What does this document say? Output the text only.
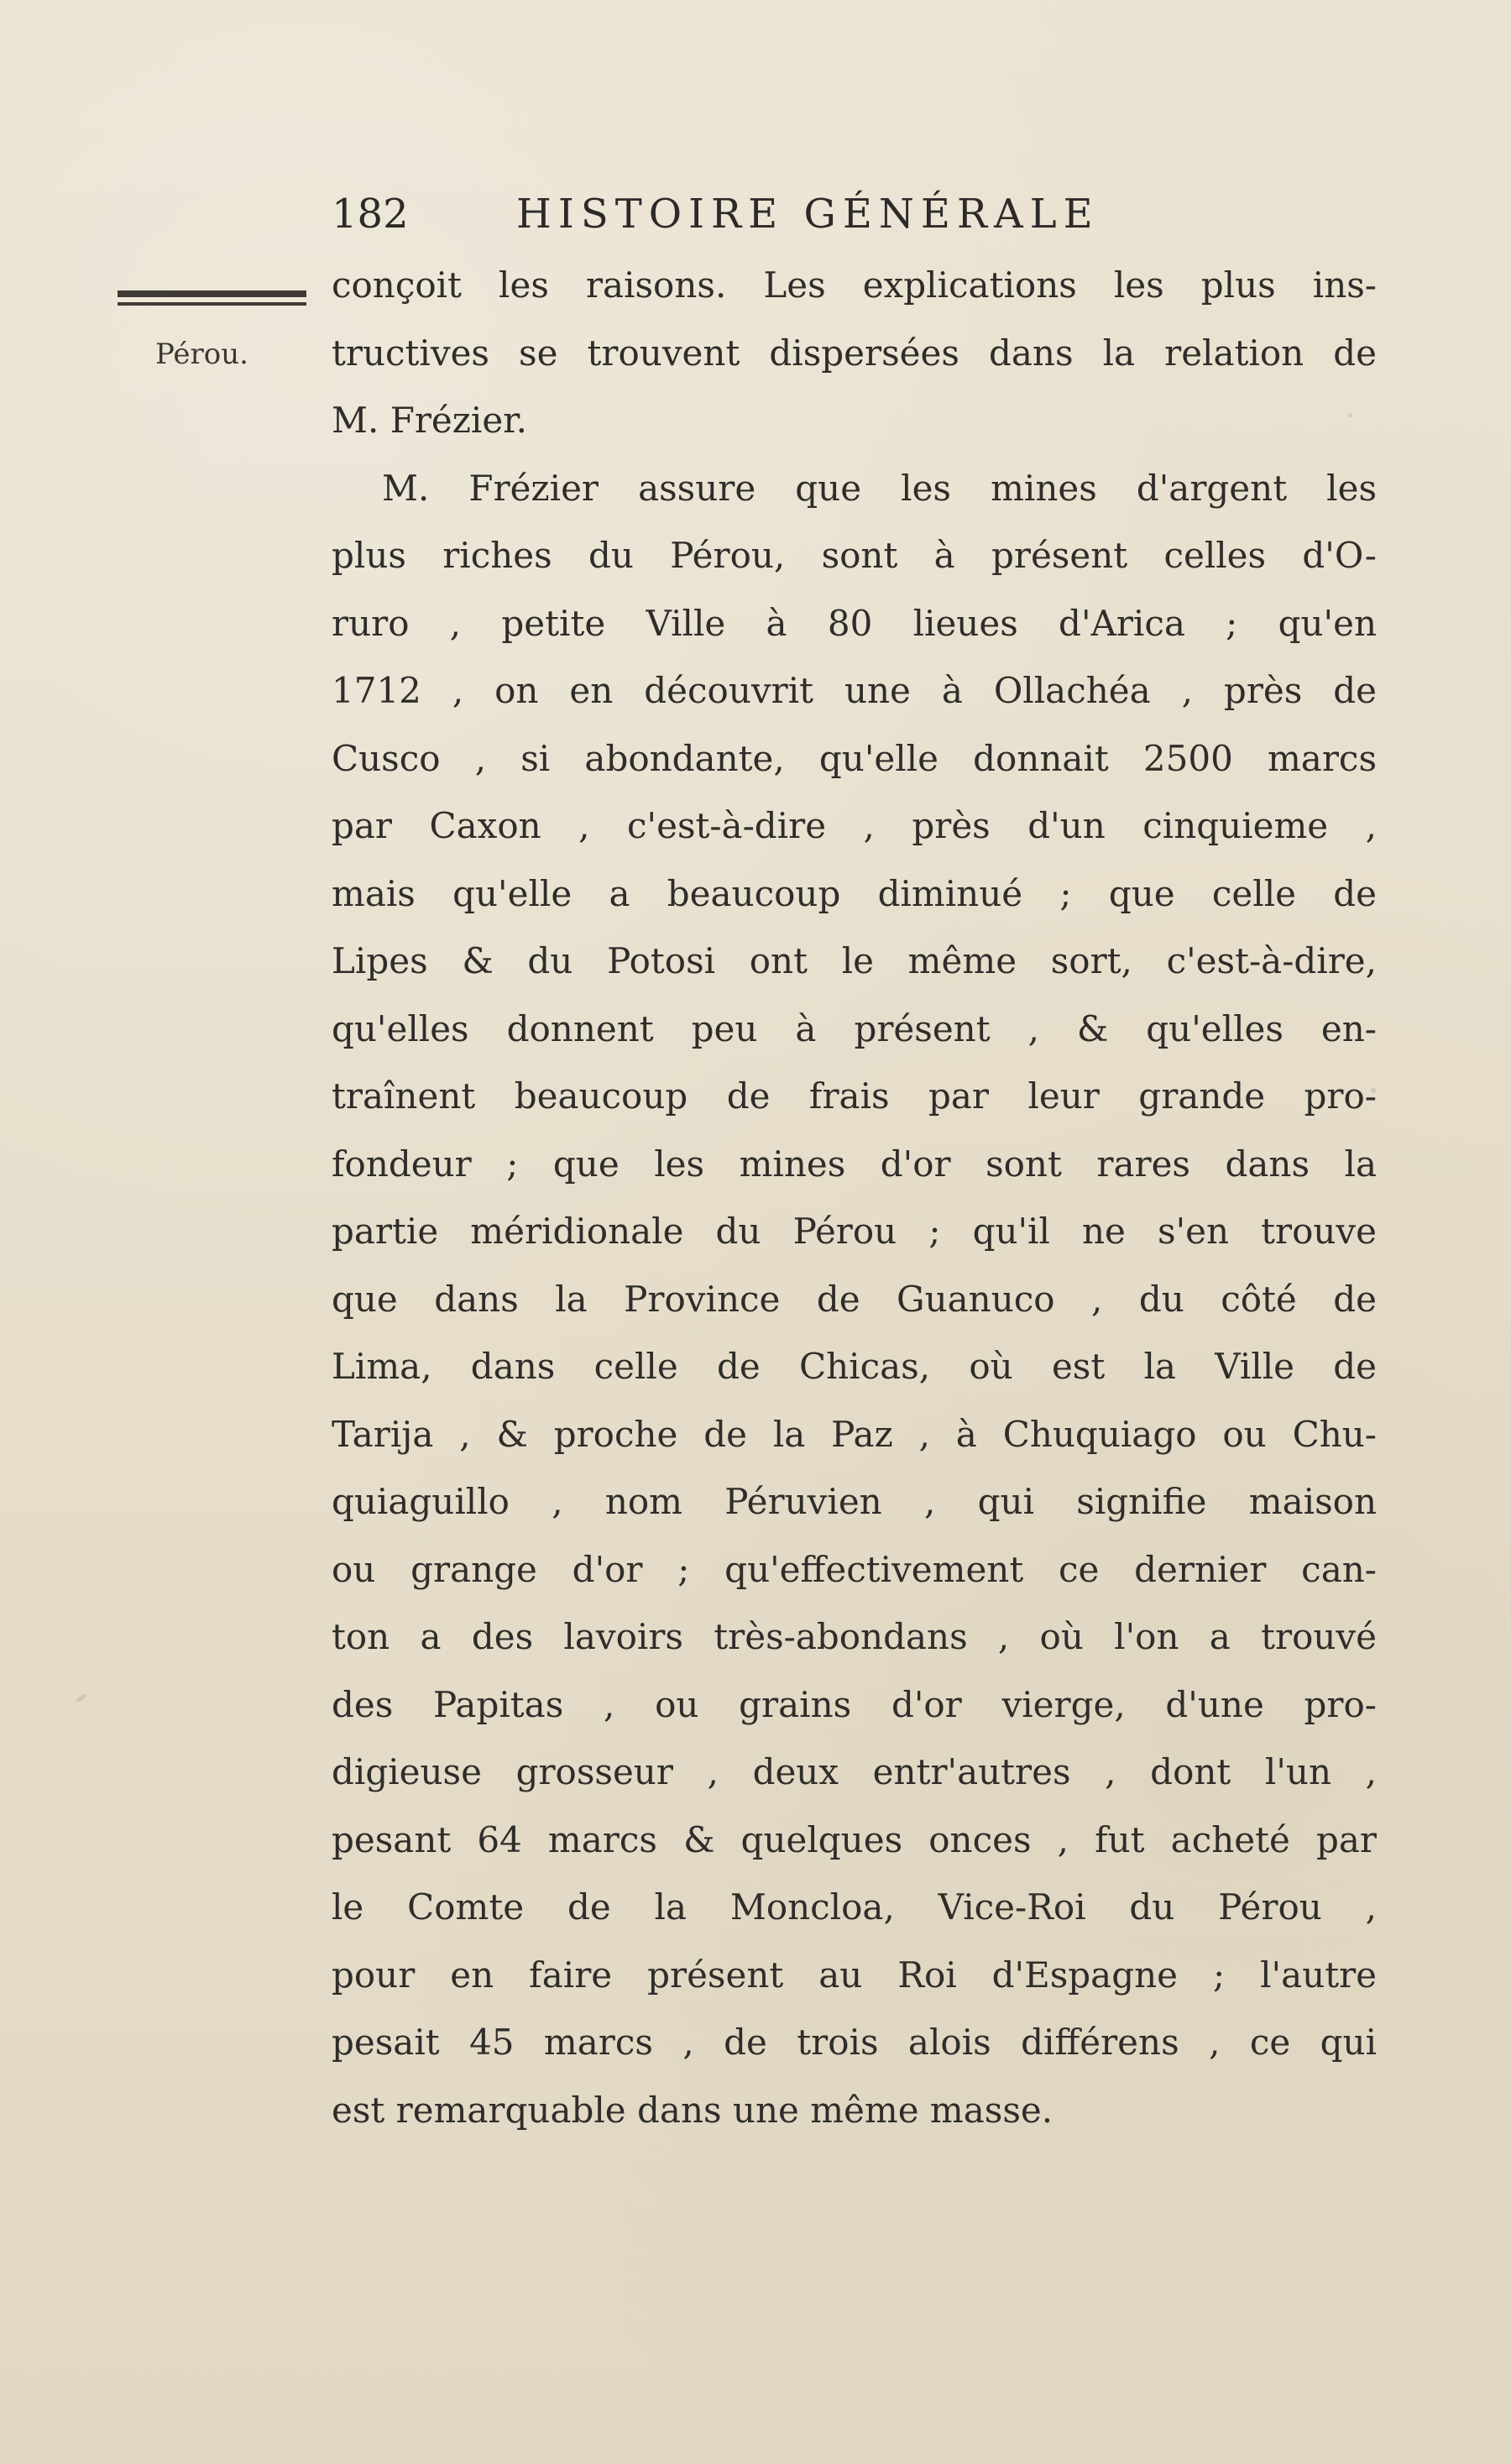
182	HISTOIRE GÉNÉRALE
Pérou.
conçoit les raisons. Les explications les plus ins-
tructives se trouvent dispersées dans la relation de
M. Frézier.
M. Frézier assure que les mines d'argent les
plus riches du Pérou, sont à présent celles d'O-
ruro , petite Ville à 80 lieues d'Arica ; qu'en
1712 , on en découvrit une à Ollachéa , près de
Cusco , si abondante, qu'elle donnait 2500 marcs
par Caxon , c'est-à-dire , près d'un cinquieme ,
mais qu'elle a beaucoup diminué ; que celle de
Lipes & du Potosi ont le même sort, c'est-à-dire,
qu'elles donnent peu à présent , & qu'elles en-
traînent beaucoup de frais par leur grande pro-
fondeur ; que les mines d'or sont rares dans la
partie méridionale du Pérou ; qu'il ne s'en trouve
que dans la Province de Guanuco , du côté de
Lima, dans celle de Chicas, où est la Ville de
Tarija , & proche de la Paz , à Chuquiago ou Chu-
quiaguillo , nom Péruvien , qui signifie maison
ou grange d'or ; qu'effectivement ce dernier can-
ton a des lavoirs très-abondans , où l'on a trouvé
des Papitas , ou grains d'or vierge, d'une pro-
digieuse grosseur , deux entr'autres , dont l'un ,
pesant 64 marcs & quelques onces , fut acheté par
le Comte de la Moncloa, Vice-Roi du Pérou ,
pour en faire présent au Roi d'Espagne ; l'autre
pesait 45 marcs , de trois alois différens , ce qui
est remarquable dans une même masse.
